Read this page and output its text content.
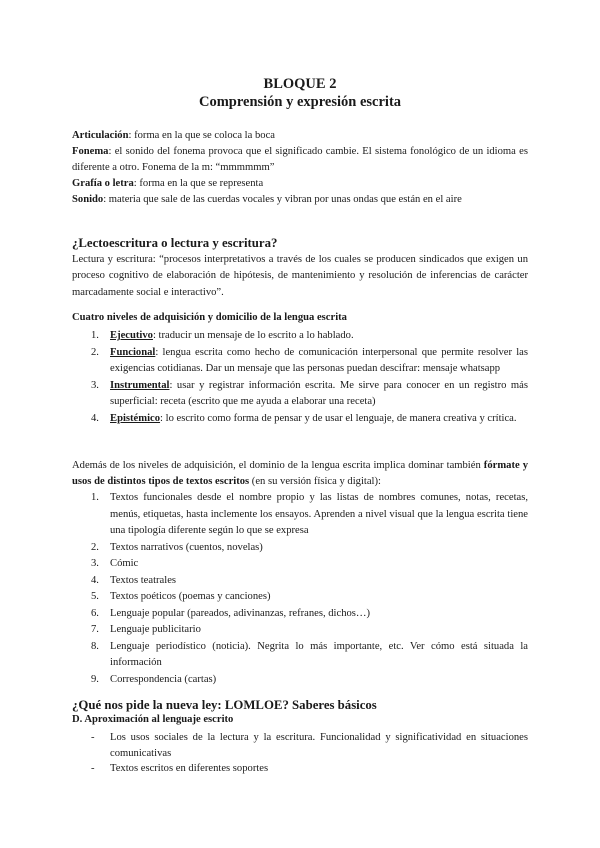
BLOQUE 2
Comprensión y expresión escrita
Articulación: forma en la que se coloca la boca
Fonema: el sonido del fonema provoca que el significado cambie. El sistema fonológico de un idioma es diferente a otro. Fonema de la m: “mmmmmm”
Grafía o letra: forma en la que se representa
Sonido: materia que sale de las cuerdas vocales y vibran por unas ondas que están en el aire
¿Lectoescritura o lectura y escritura?
Lectura y escritura: “procesos interpretativos a través de los cuales se producen sindicados que exigen un proceso cognitivo de elaboración de hipótesis, de mantenimiento y resolución de inferencias de carácter marcadamente social e interactivo”.
Cuatro niveles de adquisición y domicilio de la lengua escrita
1. Ejecutivo: traducir un mensaje de lo escrito a lo hablado.
2. Funcional: lengua escrita como hecho de comunicación interpersonal que permite resolver las exigencias cotidianas. Dar un mensaje que las personas puedan descifrar: mensaje whatsapp
3. Instrumental: usar y registrar información escrita. Me sirve para conocer en un registro más superficial: receta (escrito que me ayuda a elaborar una receta)
4. Epistémico: lo escrito como forma de pensar y de usar el lenguaje, de manera creativa y crítica.
Además de los niveles de adquisición, el dominio de la lengua escrita implica dominar también fórmate y usos de distintos tipos de textos escritos (en su versión física y digital):
1. Textos funcionales desde el nombre propio y las listas de nombres comunes, notas, recetas, menús, etiquetas, hasta inclemente los ensayos. Aprenden a nivel visual que la lengua escrita tiene una tipología diferente según lo que se expresa
2. Textos narrativos (cuentos, novelas)
3. Cómic
4. Textos teatrales
5. Textos poéticos (poemas y canciones)
6. Lenguaje popular (pareados, adivinanzas, refranes, dichos…)
7. Lenguaje publicitario
8. Lenguaje periodístico (noticia). Negrita lo más importante, etc. Ver cómo está situada la información
9. Correspondencia (cartas)
¿Qué nos pide la nueva ley: LOMLOE? Saberes básicos
D. Aproximación al lenguaje escrito
- Los usos sociales de la lectura y la escritura. Funcionalidad y significatividad en situaciones comunicativas
- Textos escritos en diferentes soportes
